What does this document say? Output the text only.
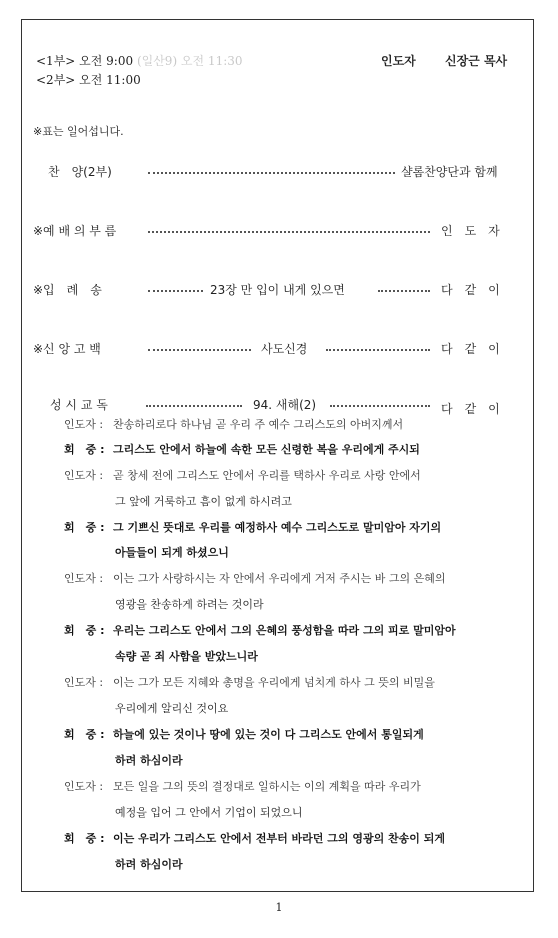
<1부> 오전 9:00 (일산9) 오전 11:30
<2부> 오전 11:00
인도자 신장근 목사
※표는 일어섭니다.
찬　양(2부)	샬롬찬양단과 함께
※예 배 의 부 름	인　도　자
※입　례　송	23장 만 입이 내게 있으면	다　같　이
※신 앙 고 백	사도신경	다　같　이
성 시 교 독	94. 새해(2)	다　같　이
인도자 : 찬송하리로다 하나님 곧 우리 주 예수 그리스도의 아버지께서
회　중 : 그리스도 안에서 하늘에 속한 모든 신령한 복을 우리에게 주시되
인도자 : 곧 창세 전에 그리스도 안에서 우리를 택하사 우리로 사랑 안에서
그 앞에 거룩하고 흠이 없게 하시려고
회　중 : 그 기쁘신 뜻대로 우리를 예정하사 예수 그리스도로 말미암아 자기의
아들들이 되게 하셨으니
인도자 : 이는 그가 사랑하시는 자 안에서 우리에게 거저 주시는 바 그의 은혜의
영광을 찬송하게 하려는 것이라
회　중 : 우리는 그리스도 안에서 그의 은혜의 풍성함을 따라 그의 피로 말미암아
속량 곧 죄 사함을 받았느니라
인도자 : 이는 그가 모든 지혜와 총명을 우리에게 넘치게 하사 그 뜻의 비밀을
우리에게 알리신 것이요
회　중 : 하늘에 있는 것이나 땅에 있는 것이 다 그리스도 안에서 통일되게
하려 하심이라
인도자 : 모든 일을 그의 뜻의 결정대로 일하시는 이의 계획을 따라 우리가
예정을 입어 그 안에서 기업이 되었으니
회　중 : 이는 우리가 그리스도 안에서 전부터 바라던 그의 영광의 찬송이 되게
하려 하심이라
1
